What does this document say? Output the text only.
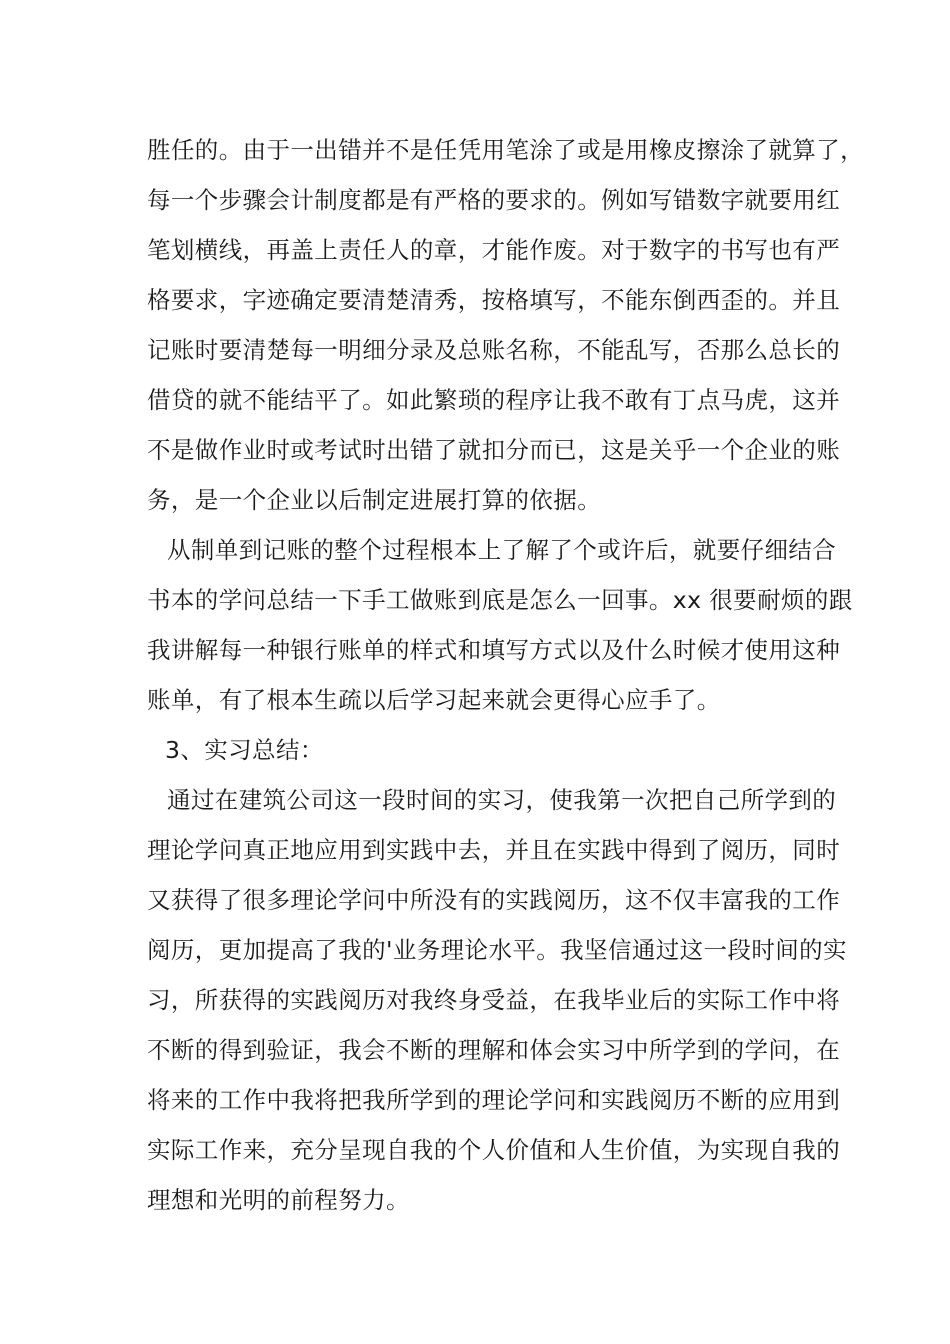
胜任的。由于一出错并不是任凭用笔涂了或是用橡皮擦涂了就算了，
每一个步骤会计制度都是有严格的要求的。例如写错数字就要用红
笔划横线，再盖上责任人的章，才能作废。对于数字的书写也有严
格要求，字迹确定要清楚清秀，按格填写，不能东倒西歪的。并且
记账时要清楚每一明细分录及总账名称，不能乱写，否那么总长的
借贷的就不能结平了。如此繁琐的程序让我不敢有丁点马虎，这并
不是做作业时或考试时出错了就扣分而已，这是关乎一个企业的账
务，是一个企业以后制定进展打算的依据。
从制单到记账的整个过程根本上了解了个或许后，就要仔细结合
书本的学问总结一下手工做账到底是怎么一回事。xx 很要耐烦的跟
我讲解每一种银行账单的样式和填写方式以及什么时候才使用这种
账单，有了根本生疏以后学习起来就会更得心应手了。
3、实习总结：
通过在建筑公司这一段时间的实习，使我第一次把自己所学到的
理论学问真正地应用到实践中去，并且在实践中得到了阅历，同时
又获得了很多理论学问中所没有的实践阅历，这不仅丰富我的工作
阅历，更加提高了我的'业务理论水平。我坚信通过这一段时间的实
习，所获得的实践阅历对我终身受益，在我毕业后的实际工作中将
不断的得到验证，我会不断的理解和体会实习中所学到的学问，在
将来的工作中我将把我所学到的理论学问和实践阅历不断的应用到
实际工作来，充分呈现自我的个人价值和人生价值，为实现自我的
理想和光明的前程努力。
